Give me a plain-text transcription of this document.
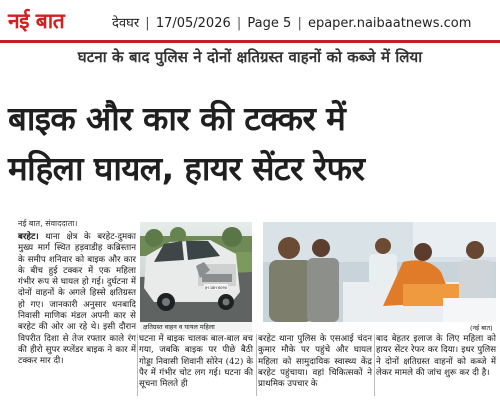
नई बात	देवघर | 17/05/2026 | Page 5 | epaper.naibaatnews.com
घटना के बाद पुलिस ने दोनों क्षतिग्रस्त वाहनों को कब्जे में लिया
बाइक और कार की टक्कर में
महिला घायल, हायर सेंटर रेफर
नई बात, संवाददाता।

बरहेट। थाना क्षेत्र के बरहेट-दुमका मुख्य मार्ग स्थित हड़वाडीह कब्रिस्तान के समीप शनिवार को बाइक और कार के बीच हुई टक्कर में एक महिला गंभीर रूप से घायल हो गई। दुर्घटना में दोनों वाहनों के अगले हिस्से क्षतिग्रस्त हो गए। जानकारी अनुसार धनबादि निवासी माणिक मंडल अपनी कार से बरहेट की ओर आ रहे थे। इसी दौरान विपरीत दिशा से तेज रफ्तार काले रंग की हीरो सुपर स्प्लेंडर बाइक ने कार में टक्कर मार दी।

JH 18H 6090
क्षतिग्रस्त वाहन व घायल महिला	(नई बात)

घटना में बाइक चालक बाल-बाल बच गया, जबकि बाइक पर पीछे बैठी गोड्डा निवासी शिवानी सोरेन (42) के पैर में गंभीर चोट लग गई। घटना की सूचना मिलते ही

बरहेट थाना पुलिस के एसआई चंदन कुमार मौके पर पहुंचे और घायल महिला को सामुदायिक स्वास्थ्य केंद्र बरहेट पहुंचाया। वहां चिकित्सकों ने प्राथमिक उपचार के

बाद बेहतर इलाज के लिए महिला को हायर सेंटर रेफर कर दिया। इधर पुलिस ने दोनों क्षतिग्रस्त वाहनों को कब्जे में लेकर मामले की जांच शुरू कर दी है।
